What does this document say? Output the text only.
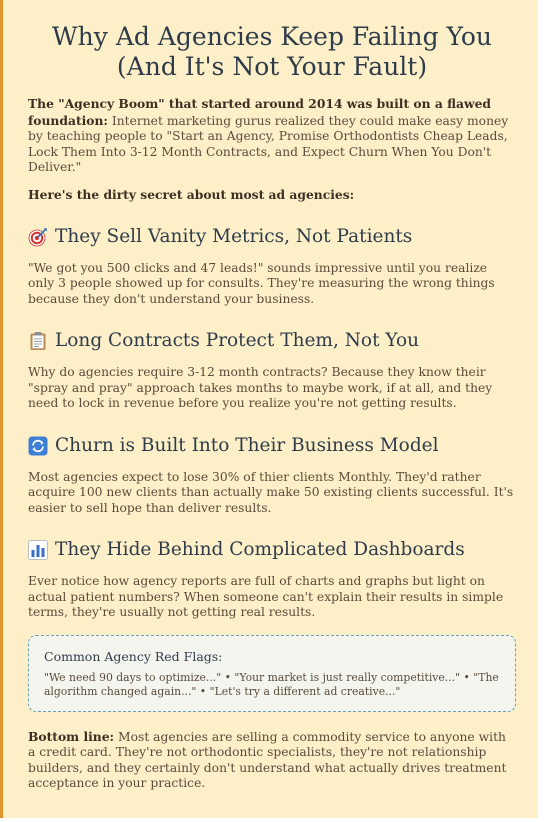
Why Ad Agencies Keep Failing You (And It's Not Your Fault)

The "Agency Boom" that started around 2014 was built on a flawed foundation: Internet marketing gurus realized they could make easy money by teaching people to "Start an Agency, Promise Orthodontists Cheap Leads, Lock Them Into 3-12 Month Contracts, and Expect Churn When You Don't Deliver."

Here's the dirty secret about most ad agencies:

They Sell Vanity Metrics, Not Patients

"We got you 500 clicks and 47 leads!" sounds impressive until you realize only 3 people showed up for consults. They're measuring the wrong things because they don't understand your business.

Long Contracts Protect Them, Not You

Why do agencies require 3-12 month contracts? Because they know their "spray and pray" approach takes months to maybe work, if at all, and they need to lock in revenue before you realize you're not getting results.

Churn is Built Into Their Business Model

Most agencies expect to lose 30% of thier clients Monthly. They'd rather acquire 100 new clients than actually make 50 existing clients successful. It's easier to sell hope than deliver results.

They Hide Behind Complicated Dashboards

Ever notice how agency reports are full of charts and graphs but light on actual patient numbers? When someone can't explain their results in simple terms, they're usually not getting real results.

Common Agency Red Flags:

"We need 90 days to optimize..." • "Your market is just really competitive..." • "The algorithm changed again..." • "Let's try a different ad creative..."

Bottom line: Most agencies are selling a commodity service to anyone with a credit card. They're not orthodontic specialists, they're not relationship builders, and they certainly don't understand what actually drives treatment acceptance in your practice.
